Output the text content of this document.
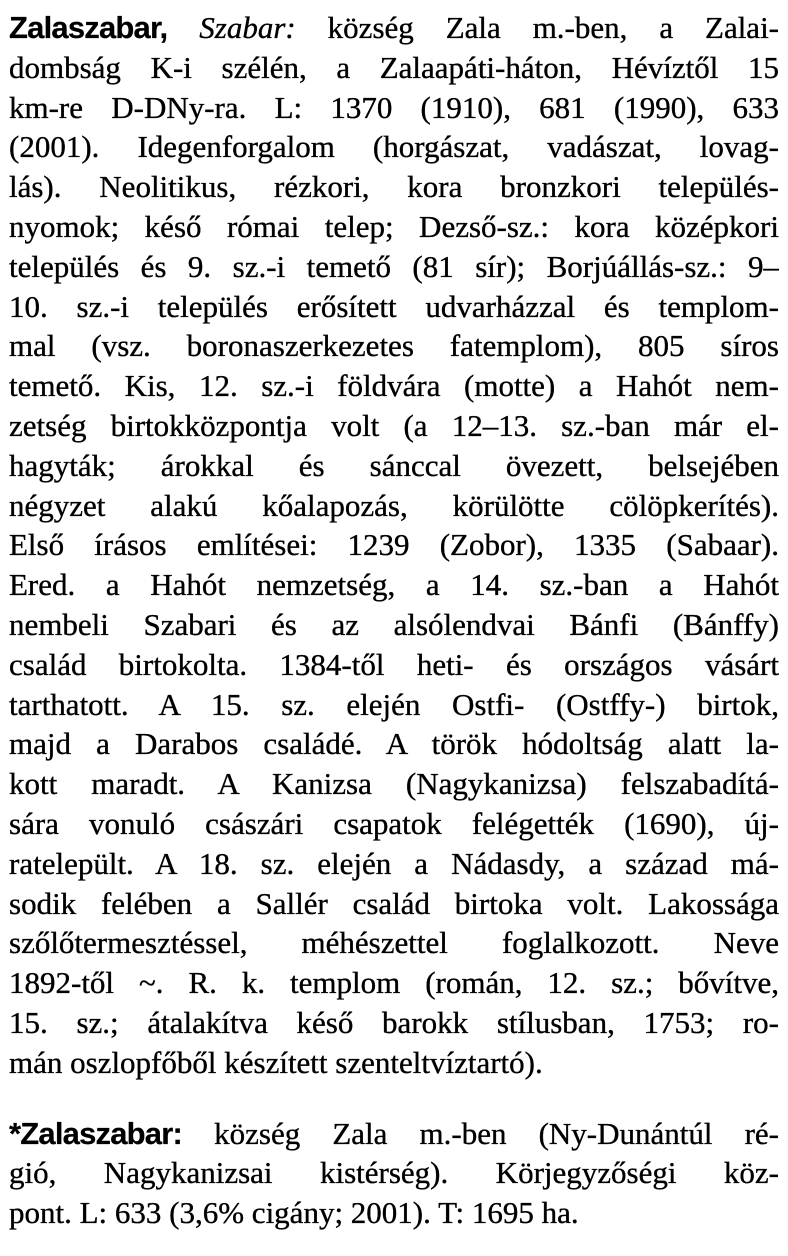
Zalaszabar, Szabar: község Zala m.-ben, a Zalai-
dombság K-i szélén, a Zalaapáti-háton, Hévíztől 15
km-re D-DNy-ra. L: 1370 (1910), 681 (1990), 633
(2001). Idegenforgalom (horgászat, vadászat, lovag-
lás). Neolitikus, rézkori, kora bronzkori település-
nyomok; késő római telep; Dezső-sz.: kora középkori
település és 9. sz.-i temető (81 sír); Borjúállás-sz.: 9–
10. sz.-i település erősített udvarházzal és templom-
mal (vsz. boronaszerkezetes fatemplom), 805 síros
temető. Kis, 12. sz.-i földvára (motte) a Hahót nem-
zetség birtokközpontja volt (a 12–13. sz.-ban már el-
hagyták; árokkal és sánccal övezett, belsejében
négyzet alakú kőalapozás, körülötte cölöpkerítés).
Első írásos említései: 1239 (Zobor), 1335 (Sabaar).
Ered. a Hahót nemzetség, a 14. sz.-ban a Hahót
nembeli Szabari és az alsólendvai Bánfi (Bánffy)
család birtokolta. 1384-től heti- és országos vásárt
tarthatott. A 15. sz. elején Ostfi- (Ostffy-) birtok,
majd a Darabos családé. A török hódoltság alatt la-
kott maradt. A Kanizsa (Nagykanizsa) felszabadítá-
sára vonuló császári csapatok felégették (1690), új-
ratelepült. A 18. sz. elején a Nádasdy, a század má-
sodik felében a Sallér család birtoka volt. Lakossága
szőlőtermesztéssel, méhészettel foglalkozott. Neve
1892-től ~. R. k. templom (román, 12. sz.; bővítve,
15. sz.; átalakítva késő barokk stílusban, 1753; ro-
mán oszlopfőből készített szenteltvíztartó).
*Zalaszabar: község Zala m.-ben (Ny-Dunántúl ré-
gió, Nagykanizsai kistérség). Körjegyzőségi köz-
pont. L: 633 (3,6% cigány; 2001). T: 1695 ha.
